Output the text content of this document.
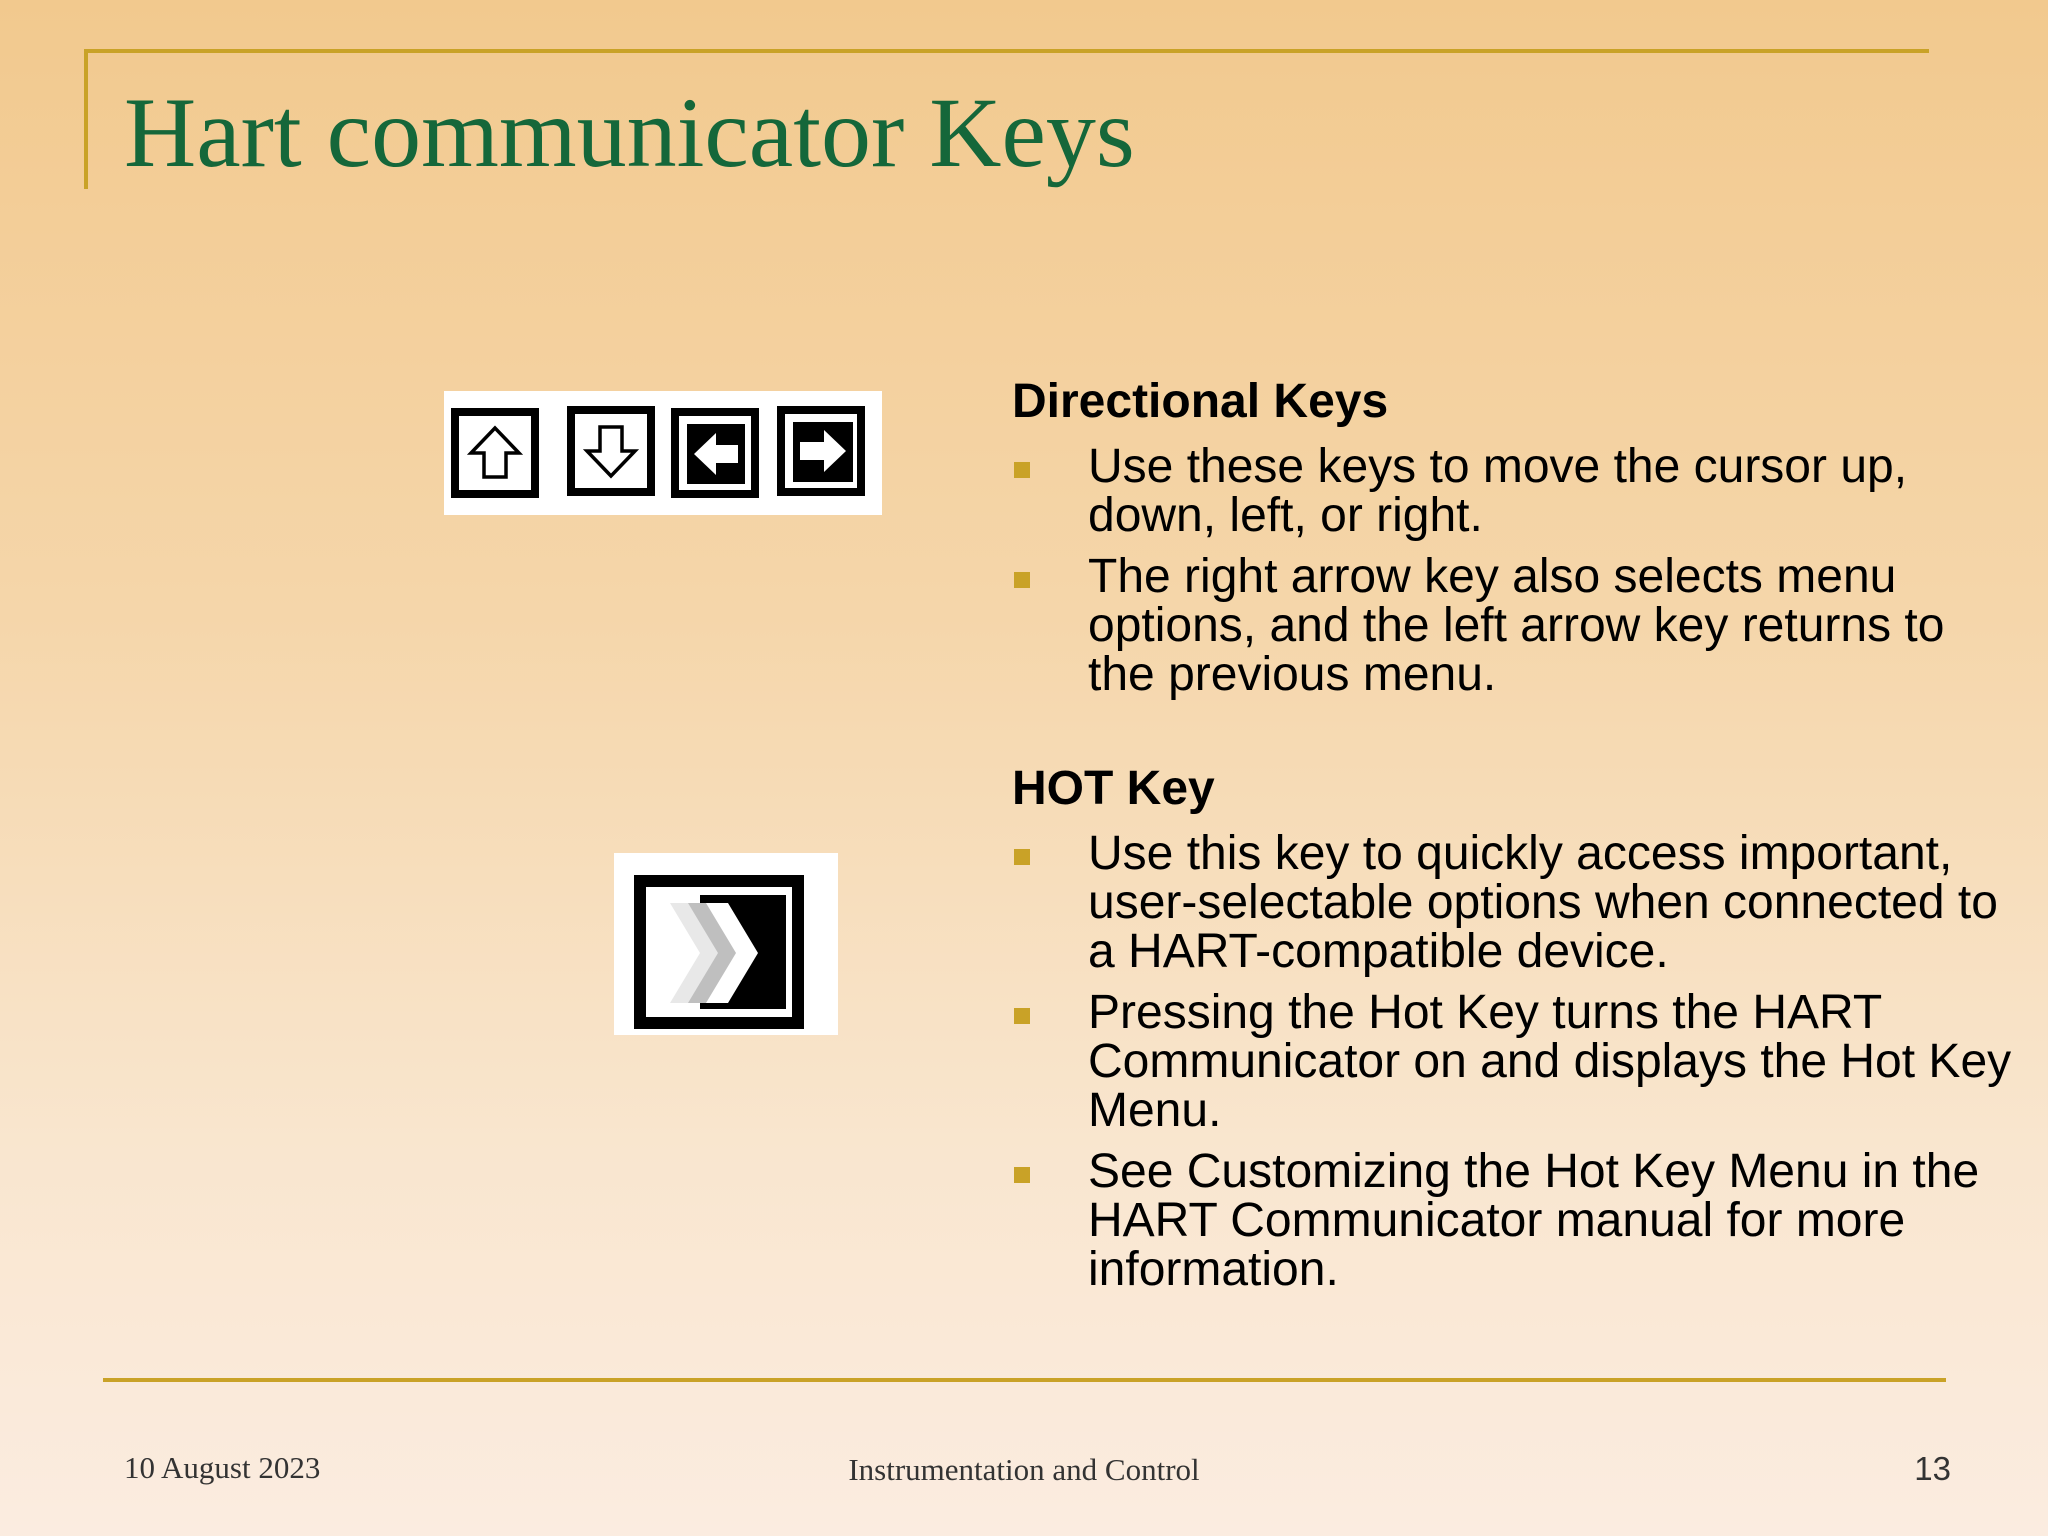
Hart communicator Keys
Directional Keys
Use these keys to move the cursor up, down, left, or right.
The right arrow key also selects menu options, and the left arrow key returns to the previous menu.
HOT Key
Use this key to quickly access important, user-selectable options when connected to a HART-compatible device.
Pressing the Hot Key turns the HART Communicator on and displays the Hot Key Menu.
See Customizing the Hot Key Menu in the HART Communicator manual for more information.
10 August 2023	Instrumentation and Control	13
